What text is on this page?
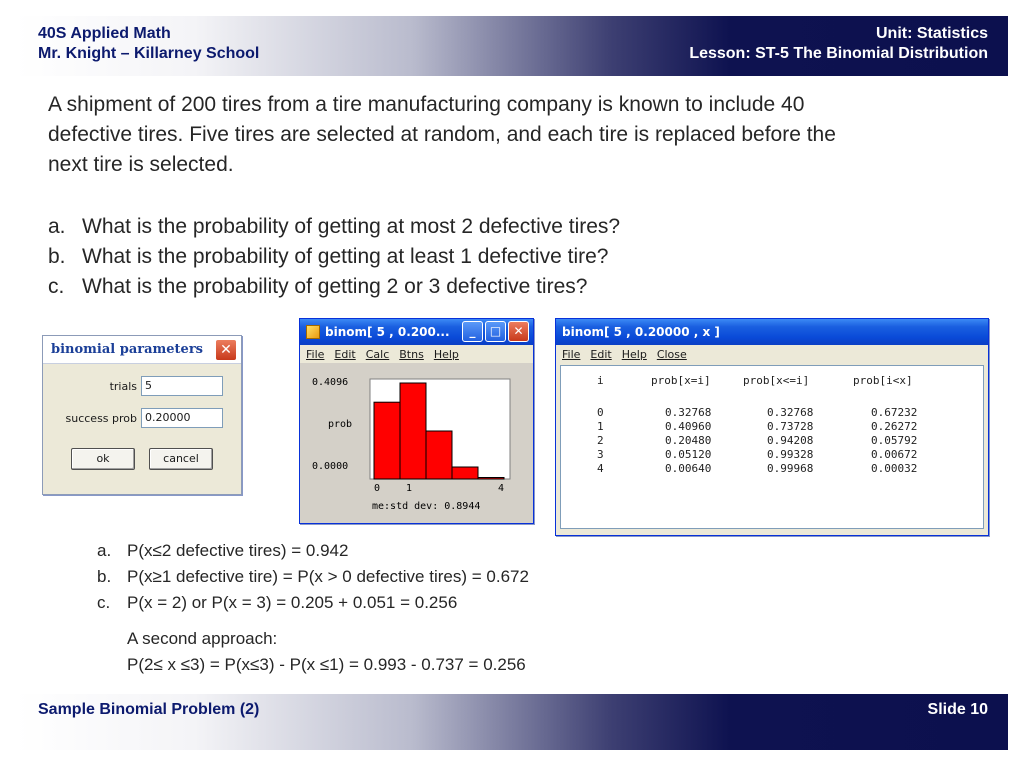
40S Applied Math
Mr. Knight – Killarney School
Unit: Statistics
Lesson: ST-5 The Binomial Distribution
A shipment of 200 tires from a tire manufacturing company is known to include 40
defective tires. Five tires are selected at random, and each tire is replaced before the
next tire is selected.
a. What is the probability of getting at most 2 defective tires?
b. What is the probability of getting at least 1 defective tire?
c. What is the probability of getting 2 or 3 defective tires?
binomial parameters	✕
trials 5
success prob 0.20000
ok	cancel
binom[ 5 , 0.200...	_	□	✕
File Edit Calc Btns Help
0.4096
prob
0.0000
0	1	4
me:std dev: 0.8944
binom[ 5 , 0.20000 , x ]
File Edit Help Close
i	prob[x=i]	prob[x<=i]	prob[i<x]
0	0.32768	0.32768	0.67232
1	0.40960	0.73728	0.26272
2	0.20480	0.94208	0.05792
3	0.05120	0.99328	0.00672
4	0.00640	0.99968	0.00032
a. P(x≤2 defective tires) = 0.942
b. P(x≥1 defective tire) = P(x > 0 defective tires) = 0.672
c. P(x = 2) or P(x = 3) = 0.205 + 0.051 = 0.256
A second approach:
P(2≤ x ≤3) = P(x≤3) - P(x ≤1) = 0.993 - 0.737 = 0.256
Sample Binomial Problem (2)	Slide 10
